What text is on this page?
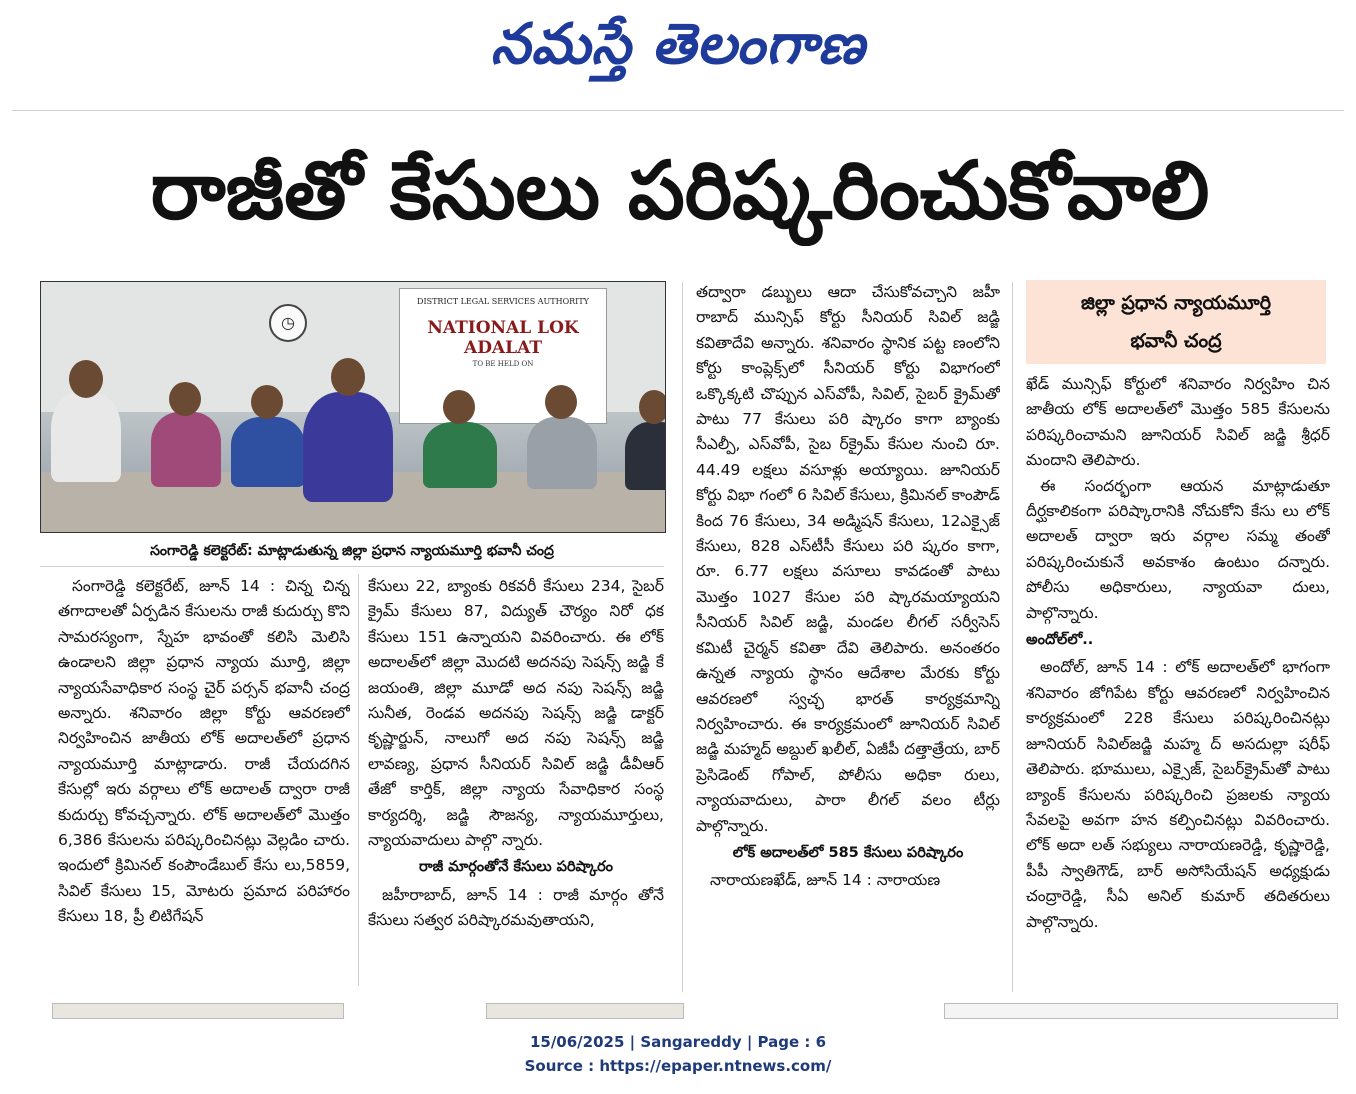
నమస్తే తెలంగాణ
రాజీతో కేసులు పరిష్కరించుకోవాలి
◷
DISTRICT LEGAL SERVICES AUTHORITY
NATIONAL LOK ADALAT
TO BE HELD ON
సంగారెడ్డి కలెక్టరేట్: మాట్లాడుతున్న జిల్లా ప్రధాన న్యాయమూర్తి భవానీ చంద్ర

సంగారెడ్డి కలెక్టరేట్, జూన్ 14 : చిన్న చిన్న తగాదాలతో ఏర్పడిన కేసులను రాజీ కుదుర్చు కొని సామరస్యంగా, స్నేహ భావంతో కలిసి మెలిసి ఉండాలని జిల్లా ప్రధాన న్యాయ మూర్తి, జిల్లా న్యాయసేవాధికార సంస్థ చైర్ పర్సన్ భవానీ చంద్ర అన్నారు. శనివారం జిల్లా కోర్టు ఆవరణలో నిర్వహించిన జాతీయ లోక్ అదాలత్‌లో ప్రధాన న్యాయమూర్తి మాట్లాడారు. రాజీ చేయదగిన కేసుల్లో ఇరు వర్గాలు లోక్ అదాలత్ ద్వారా రాజీ కుదుర్చు కోవచ్చన్నారు. లోక్ అదాలత్‌లో మొత్తం 6,386 కేసులను పరిష్కరించినట్లు వెల్లడిం చారు. ఇందులో క్రిమినల్ కంపౌండేబుల్ కేసు లు,5859, సివిల్ కేసులు 15, మోటరు ప్రమాద పరిహారం కేసులు 18, ప్రీ లిటిగేషన్

కేసులు 22, బ్యాంకు రికవరీ కేసులు 234, సైబర్ క్రైమ్ కేసులు 87, విద్యుత్ చౌర్యం నిరో ధక కేసులు 151 ఉన్నాయని వివరించారు. ఈ లోక్ అదాలత్‌లో జిల్లా మొదటి అదనపు సెషన్స్ జడ్జి కే జయంతి, జిల్లా మూడో అద నపు సెషన్స్ జడ్జి సునీత, రెండవ అదనపు సెషన్స్ జడ్జి డాక్టర్ కృష్ణార్జున్, నాలుగో అద నపు సెషన్స్ జడ్జి లావణ్య, ప్రధాన సీనియర్ సివిల్ జడ్జి డీవీఆర్ తేజో కార్తిక్, జిల్లా న్యాయ సేవాధికార సంస్థ కార్యదర్శి, జడ్జి సౌజన్య, న్యాయమూర్తులు, న్యాయవాదులు పాల్గొ న్నారు.

రాజీ మార్గంతోనే కేసులు పరిష్కారం

జహీరాబాద్, జూన్ 14 : రాజీ మార్గం తోనే కేసులు సత్వర పరిష్కారమవుతాయని,

తద్వారా డబ్బులు ఆదా చేసుకోవచ్చాని జహీ రాబాద్ మున్సిఫ్ కోర్టు సీనియర్ సివిల్ జడ్జి కవితాదేవి అన్నారు. శనివారం స్థానిక పట్ట ణంలోని కోర్టు కాంప్లెక్స్‌లో సీనియర్ కోర్టు విభాగంలో ఒక్కొక్కటి చొప్పున ఎస్‌వోపీ, సివిల్, సైబర్ క్రైమ్‌తో పాటు 77 కేసులు పరి ష్కారం కాగా బ్యాంకు సీఎల్పీ, ఎస్‌వోపీ, సైబ ర్‌క్రైమ్ కేసుల నుంచి రూ. 44.49 లక్షలు వసూళ్లు అయ్యాయి. జూనియర్ కోర్టు విభా గంలో 6 సివిల్ కేసులు, క్రిమినల్ కాంపౌడ్ కింద 76 కేసులు, 34 అడ్మిషన్ కేసులు, 12ఎక్సైజ్ కేసులు, 828 ఎస్‌టీసీ కేసులు పరి ష్కరం కాగా, రూ. 6.77 లక్షలు వసూలు కావడంతో పాటు మొత్తం 1027 కేసుల పరి ష్కారమయ్యాయని సీనియర్ సివిల్ జడ్జి, మండల లీగల్ సర్వీసెస్ కమిటీ చైర్మన్ కవితా దేవి తెలిపారు. అనంతరం ఉన్నత న్యాయ స్థానం ఆదేశాల మేరకు కోర్టు ఆవరణలో స్వచ్ఛ భారత్ కార్యక్రమాన్ని నిర్వహించారు. ఈ కార్యక్రమంలో జూనియర్ సివిల్ జడ్జి మహ్మద్ అబ్దుల్ ఖలీల్, ఏజీపీ దత్తాత్రేయ, బార్ ప్రెసిడెంట్ గోపాల్, పోలీసు అధికా రులు, న్యాయవాదులు, పారా లీగల్ వలం టీర్లు పాల్గొన్నారు.

లోక్ అదాలత్‌లో 585 కేసులు పరిష్కారం

నారాయణఖేడ్, జూన్ 14 : నారాయణ

జిల్లా ప్రధాన న్యాయమూర్తి
భవానీ చంద్ర

ఖేడ్ మున్సిఫ్ కోర్టులో శనివారం నిర్వహిం చిన జాతీయ లోక్ అదాలత్‌లో మొత్తం 585 కేసులను పరిష్కరించామని జూనియర్ సివిల్ జడ్జి శ్రీధర్ మందాని తెలిపారు.

ఈ సందర్భంగా ఆయన మాట్లాడుతూ దీర్ఘకాలికంగా పరిష్కారానికి నోచుకోని కేసు లు లోక్ అదాలత్ ద్వారా ఇరు వర్గాల సమ్మ తంతో పరిష్కరించుకునే అవకాశం ఉంటుం దన్నారు. పోలీసు అధికారులు, న్యాయవా దులు, పాల్గొన్నారు.

అందోల్‌లో..

అందోల్, జూన్ 14 : లోక్ అదాలత్‌లో భాగంగా శనివారం జోగిపేట కోర్టు ఆవరణలో నిర్వహించిన కార్యక్రమంలో 228 కేసులు పరిష్కరించినట్లు జూనియర్ సివిల్‌జడ్జి మహ్మ ద్ అసదుల్లా షరీఫ్ తెలిపారు. భూములు, ఎక్సైజ్, సైబర్‌క్రైమ్‌తో పాటు బ్యాంక్ కేసులను పరిష్కరించి ప్రజలకు న్యాయ సేవలపై అవగా హన కల్పించినట్లు వివరించారు. లోక్ అదా లత్ సభ్యులు నారాయణరెడ్డి, కృష్ణారెడ్డి, పీపీ స్వాతిగౌడ్, బార్ అసోసియేషన్ అధ్యక్షుడు చంద్రారెడ్డి, సీఏ అనిల్ కుమార్ తదితరులు పాల్గొన్నారు.

15/06/2025 | Sangareddy | Page : 6
Source : https://epaper.ntnews.com/
